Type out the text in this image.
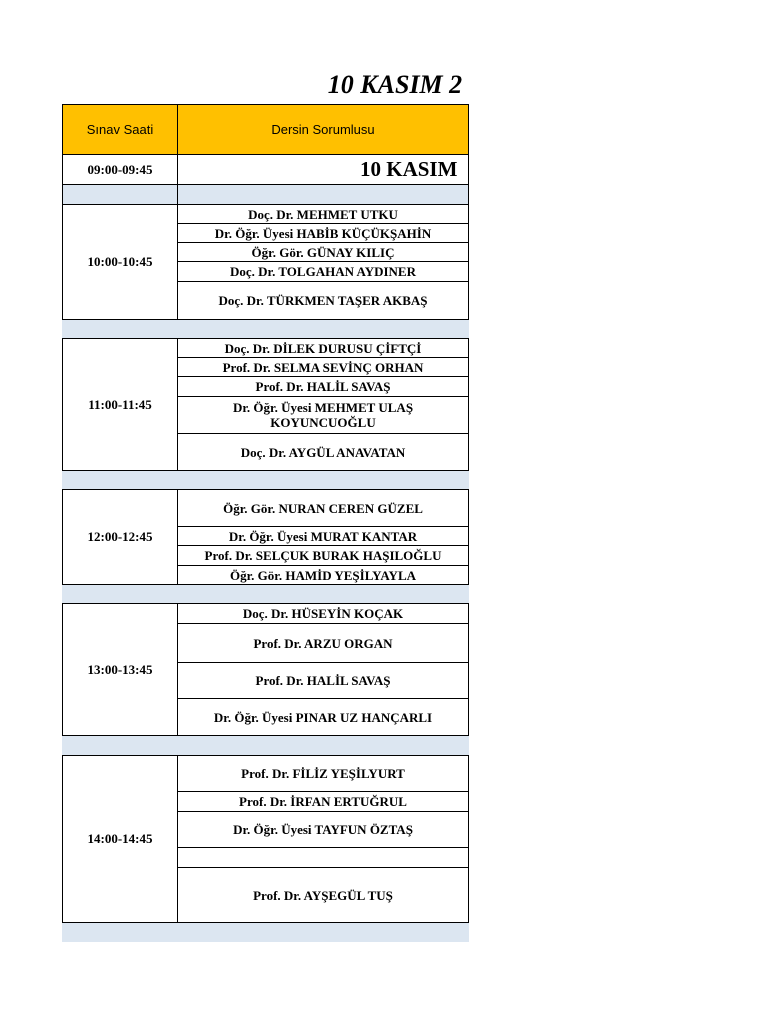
10 KASIM 2
Sınav Saati	Dersin Sorumlusu
09:00-09:45	10 KASIM
10:00-10:45
Doç. Dr. MEHMET UTKU
Dr. Öğr. Üyesi HABİB KÜÇÜKŞAHİN
Öğr. Gör. GÜNAY KILIÇ
Doç. Dr. TOLGAHAN AYDINER
Doç. Dr. TÜRKMEN TAŞER AKBAŞ
11:00-11:45
Doç. Dr. DİLEK DURUSU ÇİFTÇİ
Prof. Dr. SELMA SEVİNÇ ORHAN
Prof. Dr. HALİL SAVAŞ
Dr. Öğr. Üyesi MEHMET ULAŞ KOYUNCUOĞLU
Doç. Dr. AYGÜL ANAVATAN
12:00-12:45
Öğr. Gör. NURAN CEREN GÜZEL
Dr. Öğr. Üyesi MURAT KANTAR
Prof. Dr. SELÇUK BURAK HAŞILOĞLU
Öğr. Gör. HAMİD YEŞİLYAYLA
13:00-13:45
Doç. Dr. HÜSEYİN KOÇAK
Prof. Dr. ARZU ORGAN
Prof. Dr. HALİL SAVAŞ
Dr. Öğr. Üyesi PINAR UZ HANÇARLI
14:00-14:45
Prof. Dr. FİLİZ YEŞİLYURT
Prof. Dr. İRFAN ERTUĞRUL
Dr. Öğr. Üyesi TAYFUN ÖZTAŞ
Prof. Dr. AYŞEGÜL TUŞ
